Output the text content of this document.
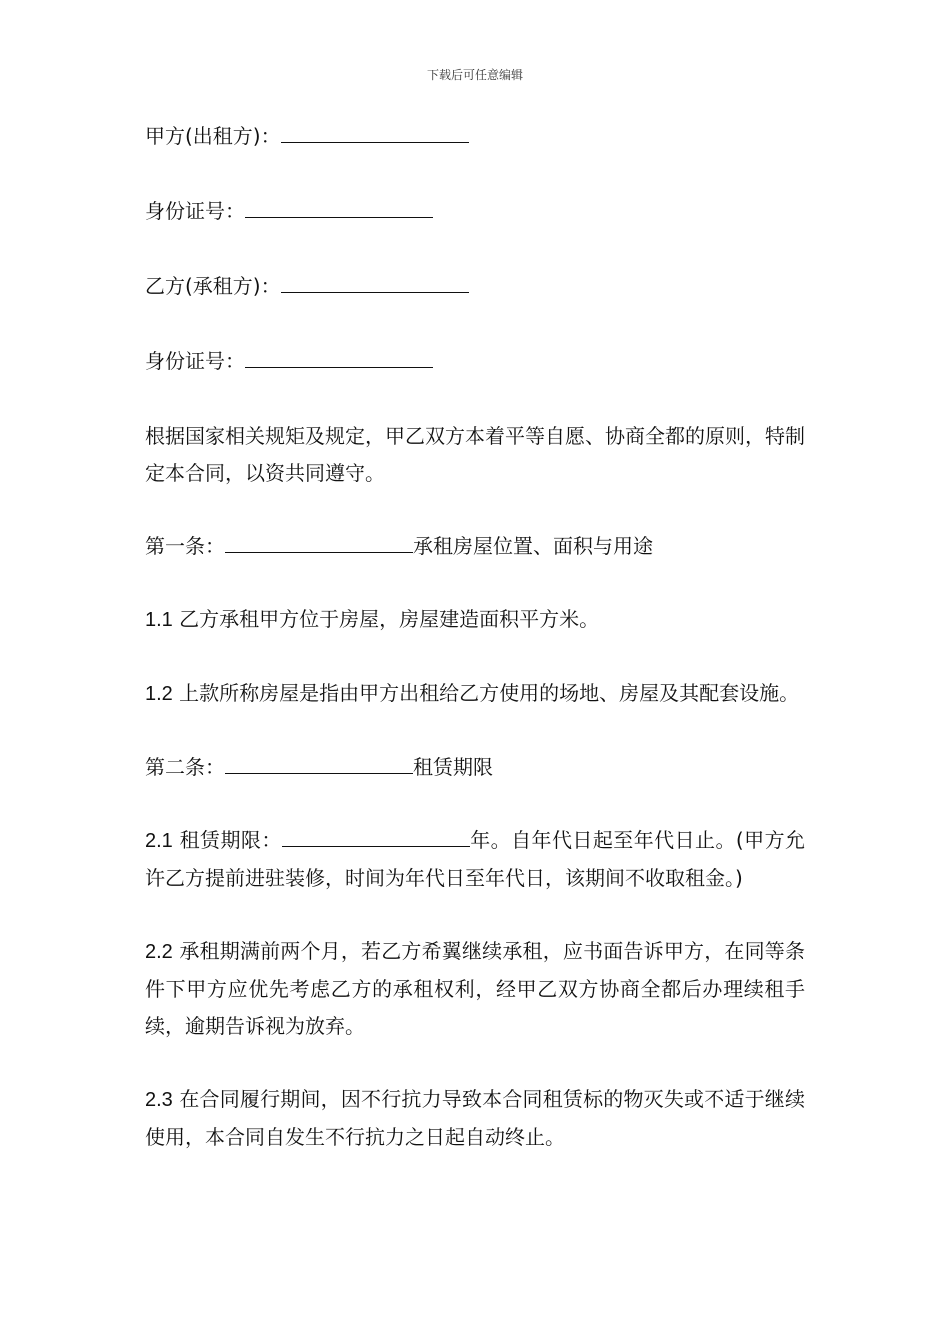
下载后可任意编辑

甲方(出租方)：

身份证号：

乙方(承租方)：

身份证号：

根据国家相关规矩及规定，甲乙双方本着平等自愿、协商全都的原则，特制定本合同，以资共同遵守。

第一条：	承租房屋位置、面积与用途

1.1 乙方承租甲方位于房屋，房屋建造面积平方米。

1.2 上款所称房屋是指由甲方出租给乙方使用的场地、房屋及其配套设施。

第二条：	租赁期限

2.1 租赁期限：	年。自年代日起至年代日止。(甲方允许乙方提前进驻装修，时间为年代日至年代日，该期间不收取租金。)

2.2 承租期满前两个月，若乙方希翼继续承租，应书面告诉甲方，在同等条件下甲方应优先考虑乙方的承租权利，经甲乙双方协商全都后办理续租手续，逾期告诉视为放弃。

2.3 在合同履行期间，因不行抗力导致本合同租赁标的物灭失或不适于继续使用，本合同自发生不行抗力之日起自动终止。
